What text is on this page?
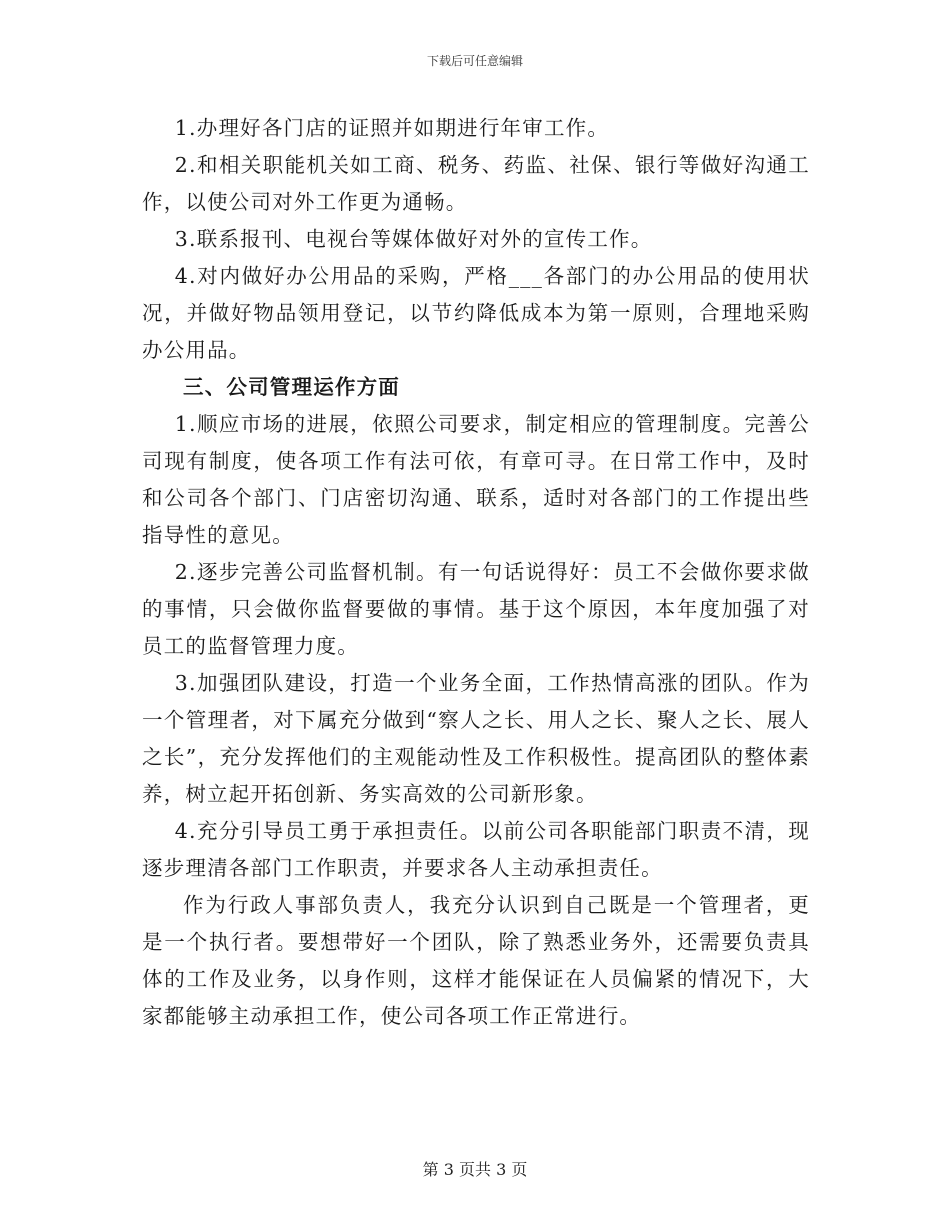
下载后可任意编辑

1.办理好各门店的证照并如期进行年审工作。

2.和相关职能机关如工商、税务、药监、社保、银行等做好沟通工作，以使公司对外工作更为通畅。

3.联系报刊、电视台等媒体做好对外的宣传工作。

4.对内做好办公用品的采购，严格___各部门的办公用品的使用状况，并做好物品领用登记，以节约降低成本为第一原则，合理地采购办公用品。

三、公司管理运作方面

1.顺应市场的进展，依照公司要求，制定相应的管理制度。完善公司现有制度，使各项工作有法可依，有章可寻。在日常工作中，及时和公司各个部门、门店密切沟通、联系，适时对各部门的工作提出些指导性的意见。

2.逐步完善公司监督机制。有一句话说得好：员工不会做你要求做的事情，只会做你监督要做的事情。基于这个原因，本年度加强了对员工的监督管理力度。

3.加强团队建设，打造一个业务全面，工作热情高涨的团队。作为一个管理者，对下属充分做到“察人之长、用人之长、聚人之长、展人之长”，充分发挥他们的主观能动性及工作积极性。提高团队的整体素养，树立起开拓创新、务实高效的公司新形象。

4.充分引导员工勇于承担责任。以前公司各职能部门职责不清，现逐步理清各部门工作职责，并要求各人主动承担责任。

作为行政人事部负责人，我充分认识到自己既是一个管理者，更是一个执行者。要想带好一个团队，除了熟悉业务外，还需要负责具体的工作及业务，以身作则，这样才能保证在人员偏紧的情况下，大家都能够主动承担工作，使公司各项工作正常进行。

第 3 页共 3 页
